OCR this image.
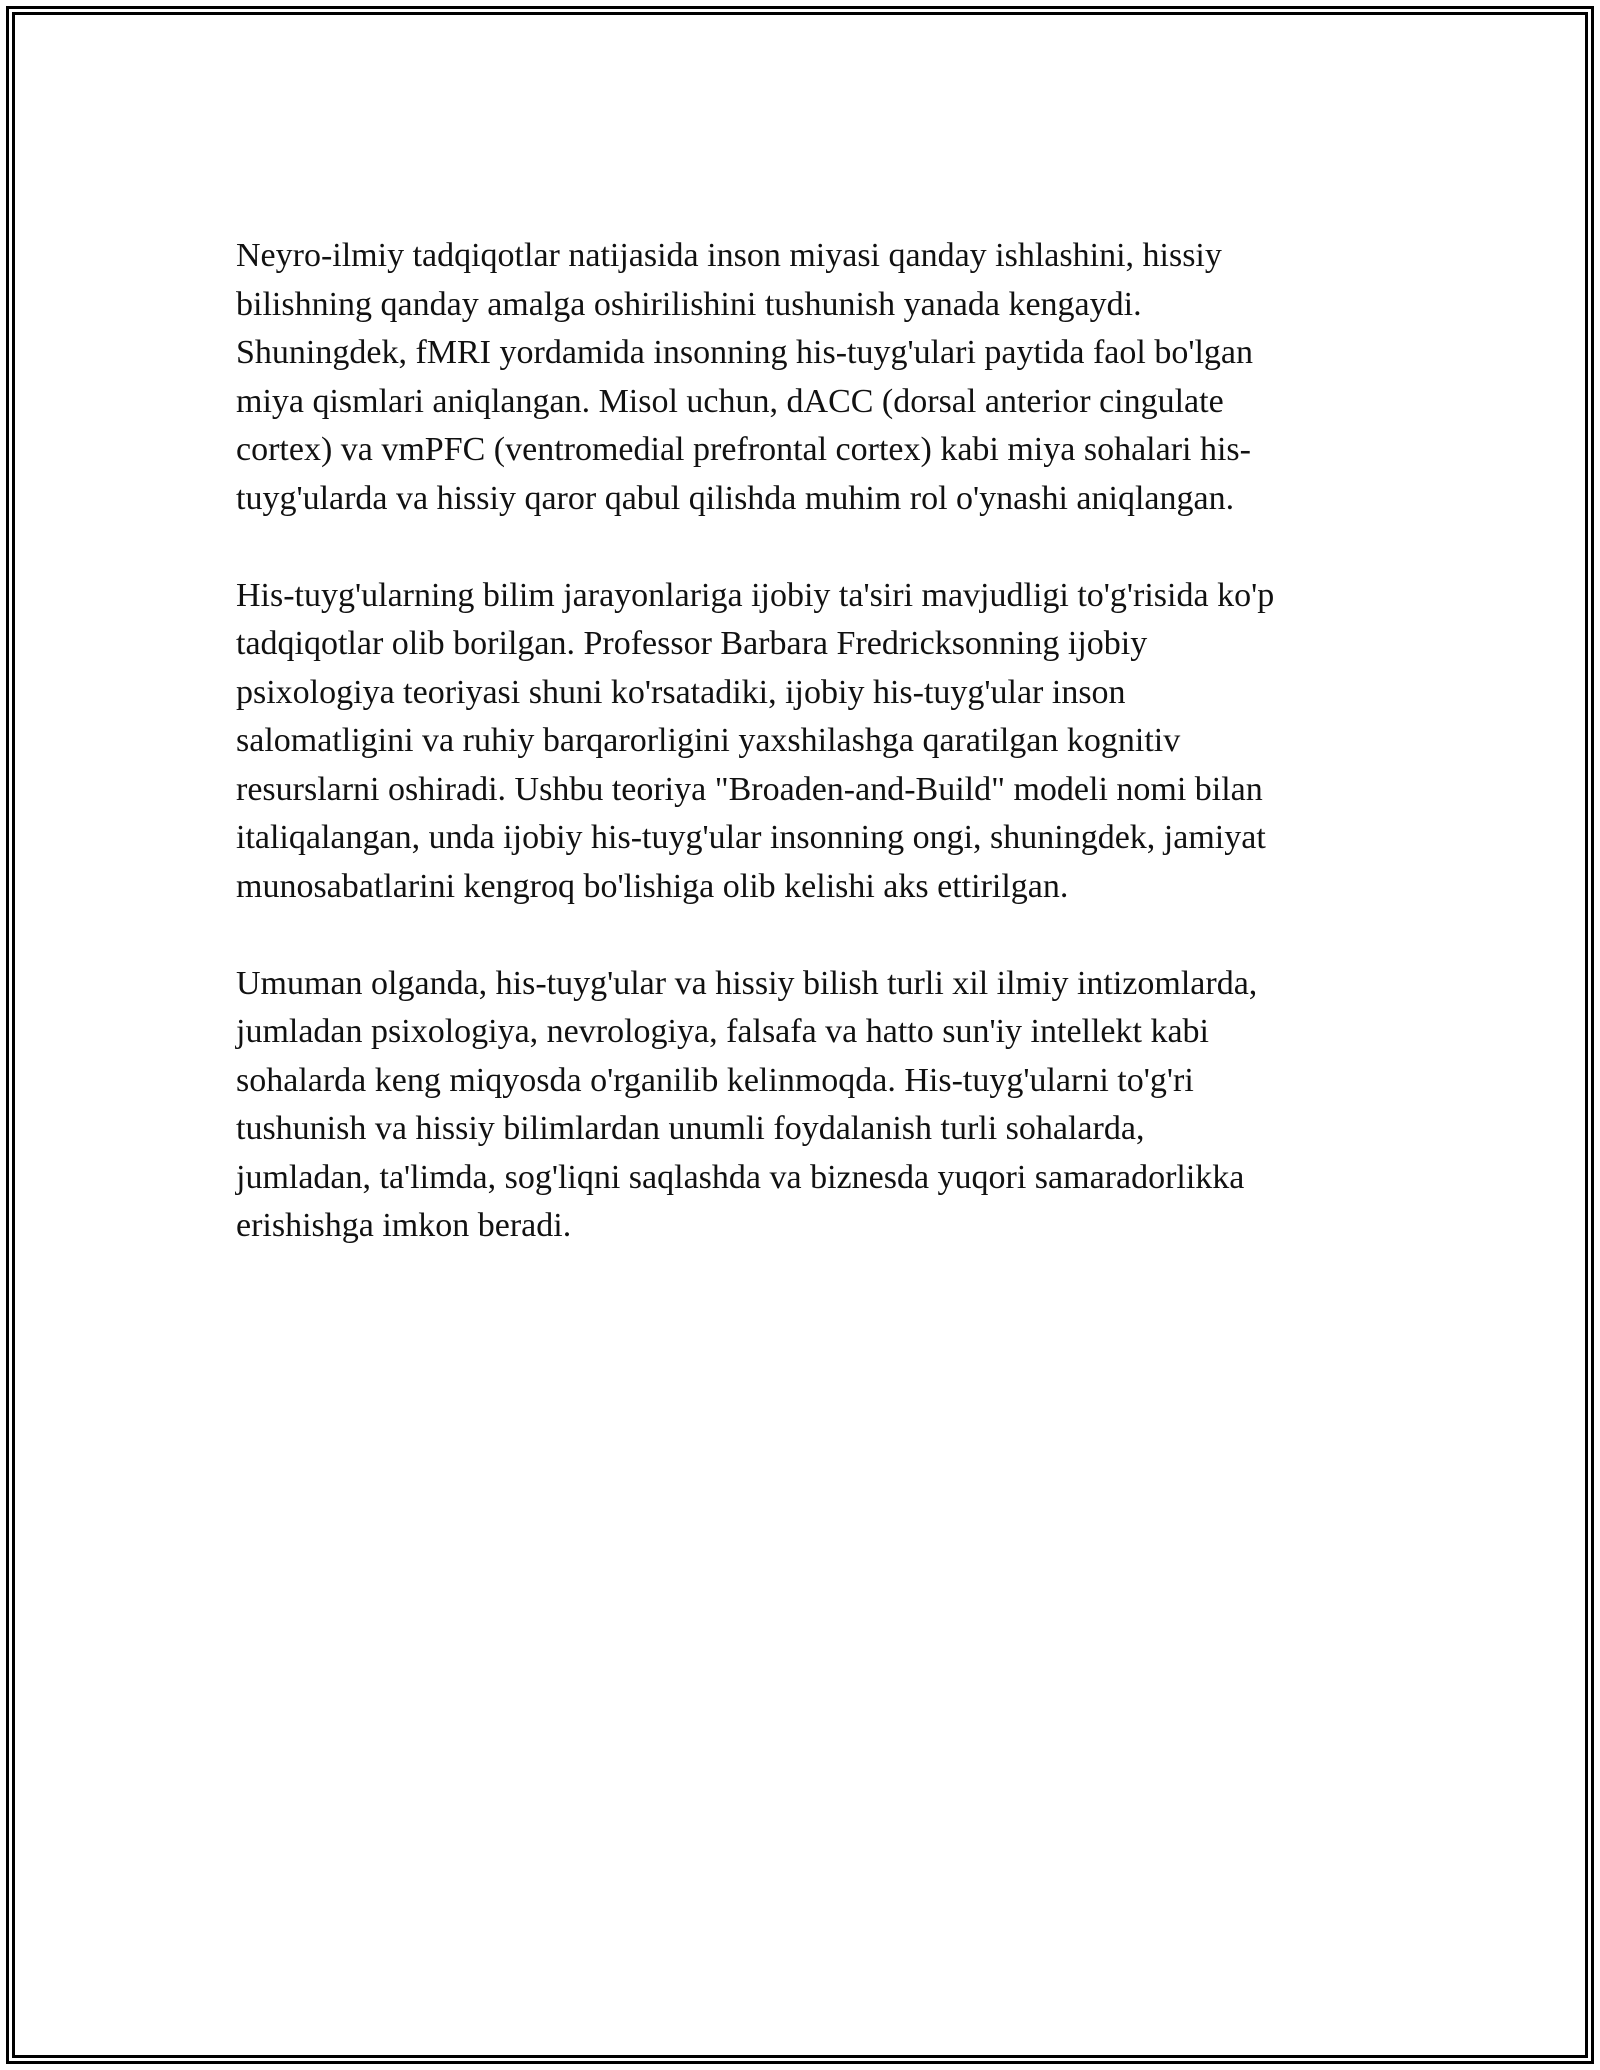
Neyro-ilmiy tadqiqotlar natijasida inson miyasi qanday ishlashini, hissiy
bilishning qanday amalga oshirilishini tushunish yanada kengaydi.
Shuningdek, fMRI yordamida insonning his-tuyg'ulari paytida faol bo'lgan
miya qismlari aniqlangan. Misol uchun, dACC (dorsal anterior cingulate
cortex) va vmPFC (ventromedial prefrontal cortex) kabi miya sohalari his-
tuyg'ularda va hissiy qaror qabul qilishda muhim rol o'ynashi aniqlangan.

His-tuyg'ularning bilim jarayonlariga ijobiy ta'siri mavjudligi to'g'risida ko'p
tadqiqotlar olib borilgan. Professor Barbara Fredricksonning ijobiy
psixologiya teoriyasi shuni ko'rsatadiki, ijobiy his-tuyg'ular inson
salomatligini va ruhiy barqarorligini yaxshilashga qaratilgan kognitiv
resurslarni oshiradi. Ushbu teoriya "Broaden-and-Build" modeli nomi bilan
italiqalangan, unda ijobiy his-tuyg'ular insonning ongi, shuningdek, jamiyat
munosabatlarini kengroq bo'lishiga olib kelishi aks ettirilgan.

Umuman olganda, his-tuyg'ular va hissiy bilish turli xil ilmiy intizomlarda,
jumladan psixologiya, nevrologiya, falsafa va hatto sun'iy intellekt kabi
sohalarda keng miqyosda o'rganilib kelinmoqda. His-tuyg'ularni to'g'ri
tushunish va hissiy bilimlardan unumli foydalanish turli sohalarda,
jumladan, ta'limda, sog'liqni saqlashda va biznesda yuqori samaradorlikka
erishishga imkon beradi.
